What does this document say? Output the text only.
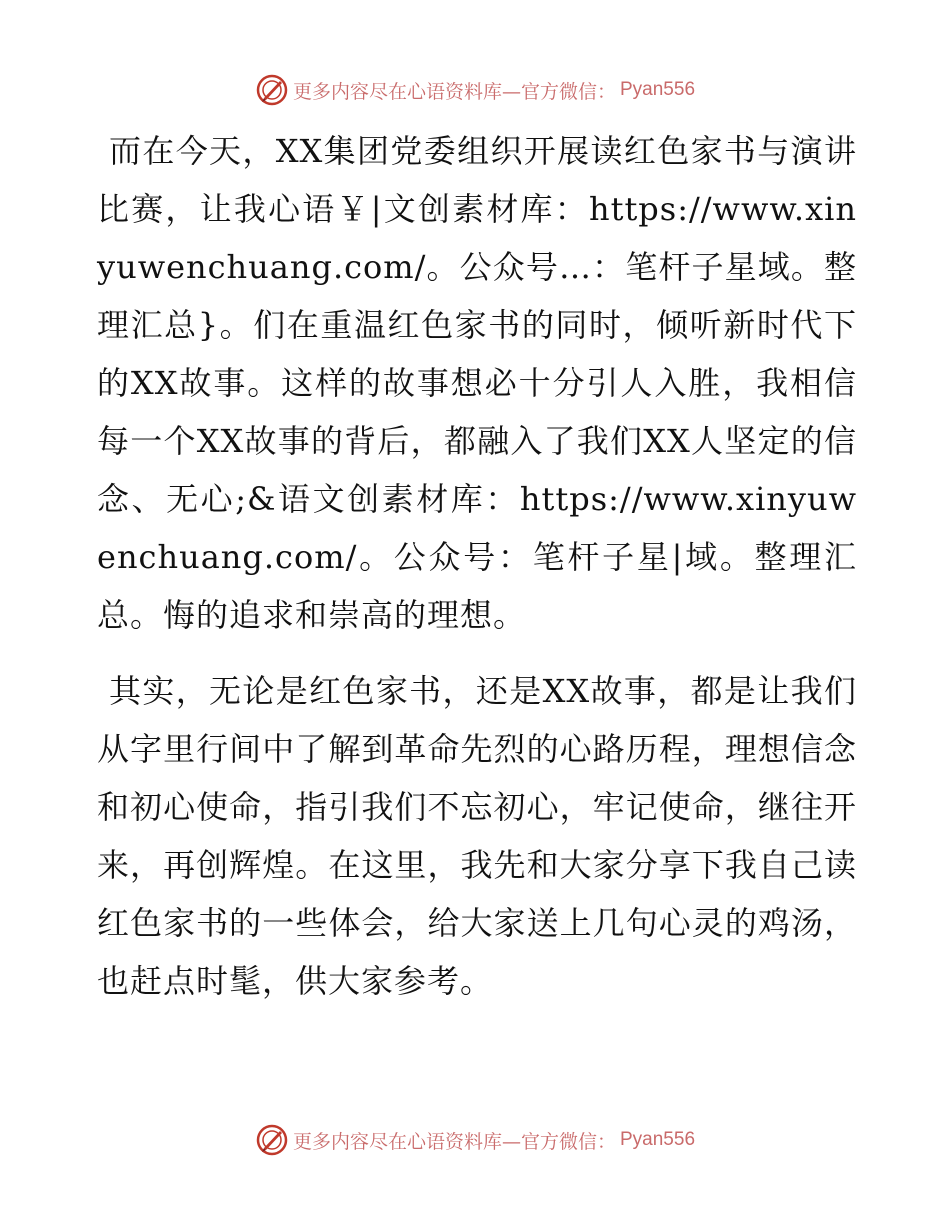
更多内容尽在心语资料库—官方微信： Pyan556

而在今天，XX集团党委组织开展读红色家书与演讲比赛，让我心语￥|文创素材库：https://www.xinyuwenchuang.com/。公众号…：笔杆子星域。整理汇总}。们在重温红色家书的同时，倾听新时代下的XX故事。这样的故事想必十分引人入胜，我相信每一个XX故事的背后，都融入了我们XX人坚定的信念、无心;&语文创素材库：https://www.xinyuwenchuang.com/。公众号：笔杆子星|域。整理汇总。悔的追求和崇高的理想。

其实，无论是红色家书，还是XX故事，都是让我们从字里行间中了解到革命先烈的心路历程，理想信念和初心使命，指引我们不忘初心，牢记使命，继往开来，再创辉煌。在这里，我先和大家分享下我自己读红色家书的一些体会，给大家送上几句心灵的鸡汤，也赶点时髦，供大家参考。

更多内容尽在心语资料库—官方微信： Pyan556
